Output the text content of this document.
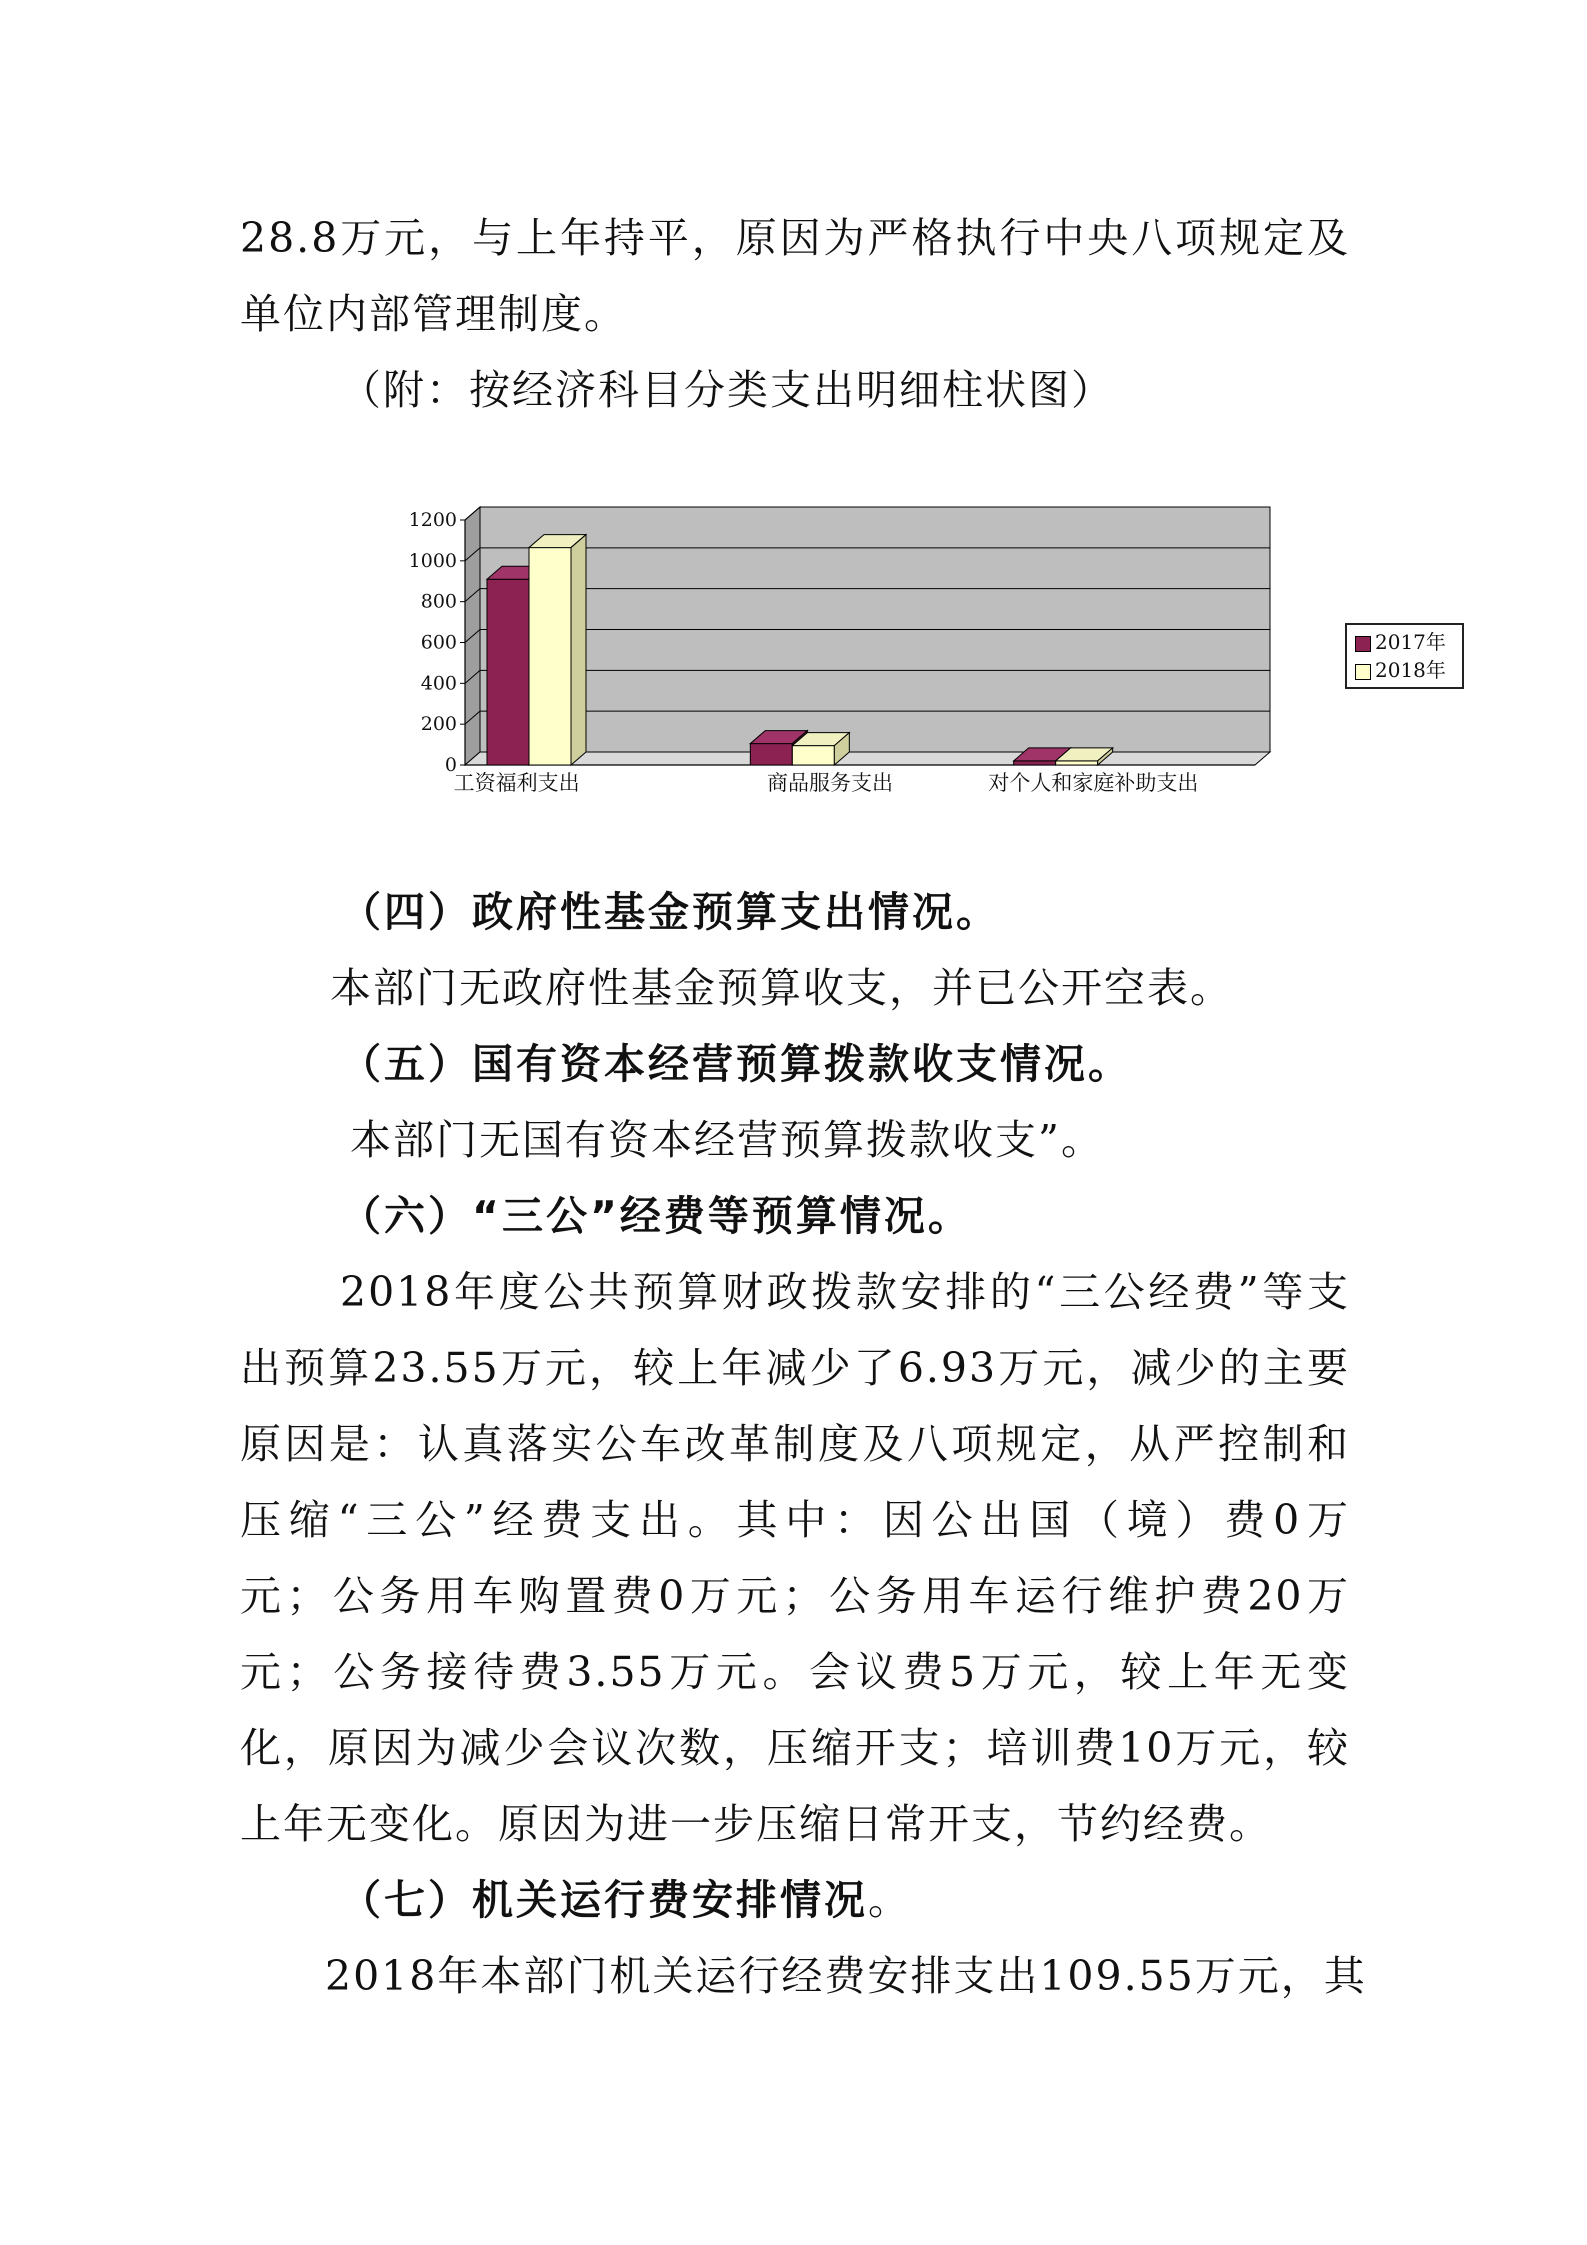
28.8万元，与上年持平，原因为严格执行中央八项规定及
单位内部管理制度。
（附：按经济科目分类支出明细柱状图）
0
200
400
600
800
1000
1200
工资福利支出	商品服务支出	对个人和家庭补助支出
2017年
2018年
（四）政府性基金预算支出情况。
本部门无政府性基金预算收支，并已公开空表。
（五）国有资本经营预算拨款收支情况。
本部门无国有资本经营预算拨款收支”。
（六）“三公”经费等预算情况。
2018年度公共预算财政拨款安排的“三公经费”等支
出预算23.55万元，较上年减少了6.93万元，减少的主要
原因是：认真落实公车改革制度及八项规定，从严控制和
压缩“三公”经费支出。其中：因公出国（境）费0万
元；公务用车购置费0万元；公务用车运行维护费20万
元；公务接待费3.55万元。会议费5万元，较上年无变
化，原因为减少会议次数，压缩开支；培训费10万元，较
上年无变化。原因为进一步压缩日常开支，节约经费。
（七）机关运行费安排情况。
2018年本部门机关运行经费安排支出109.55万元，其
